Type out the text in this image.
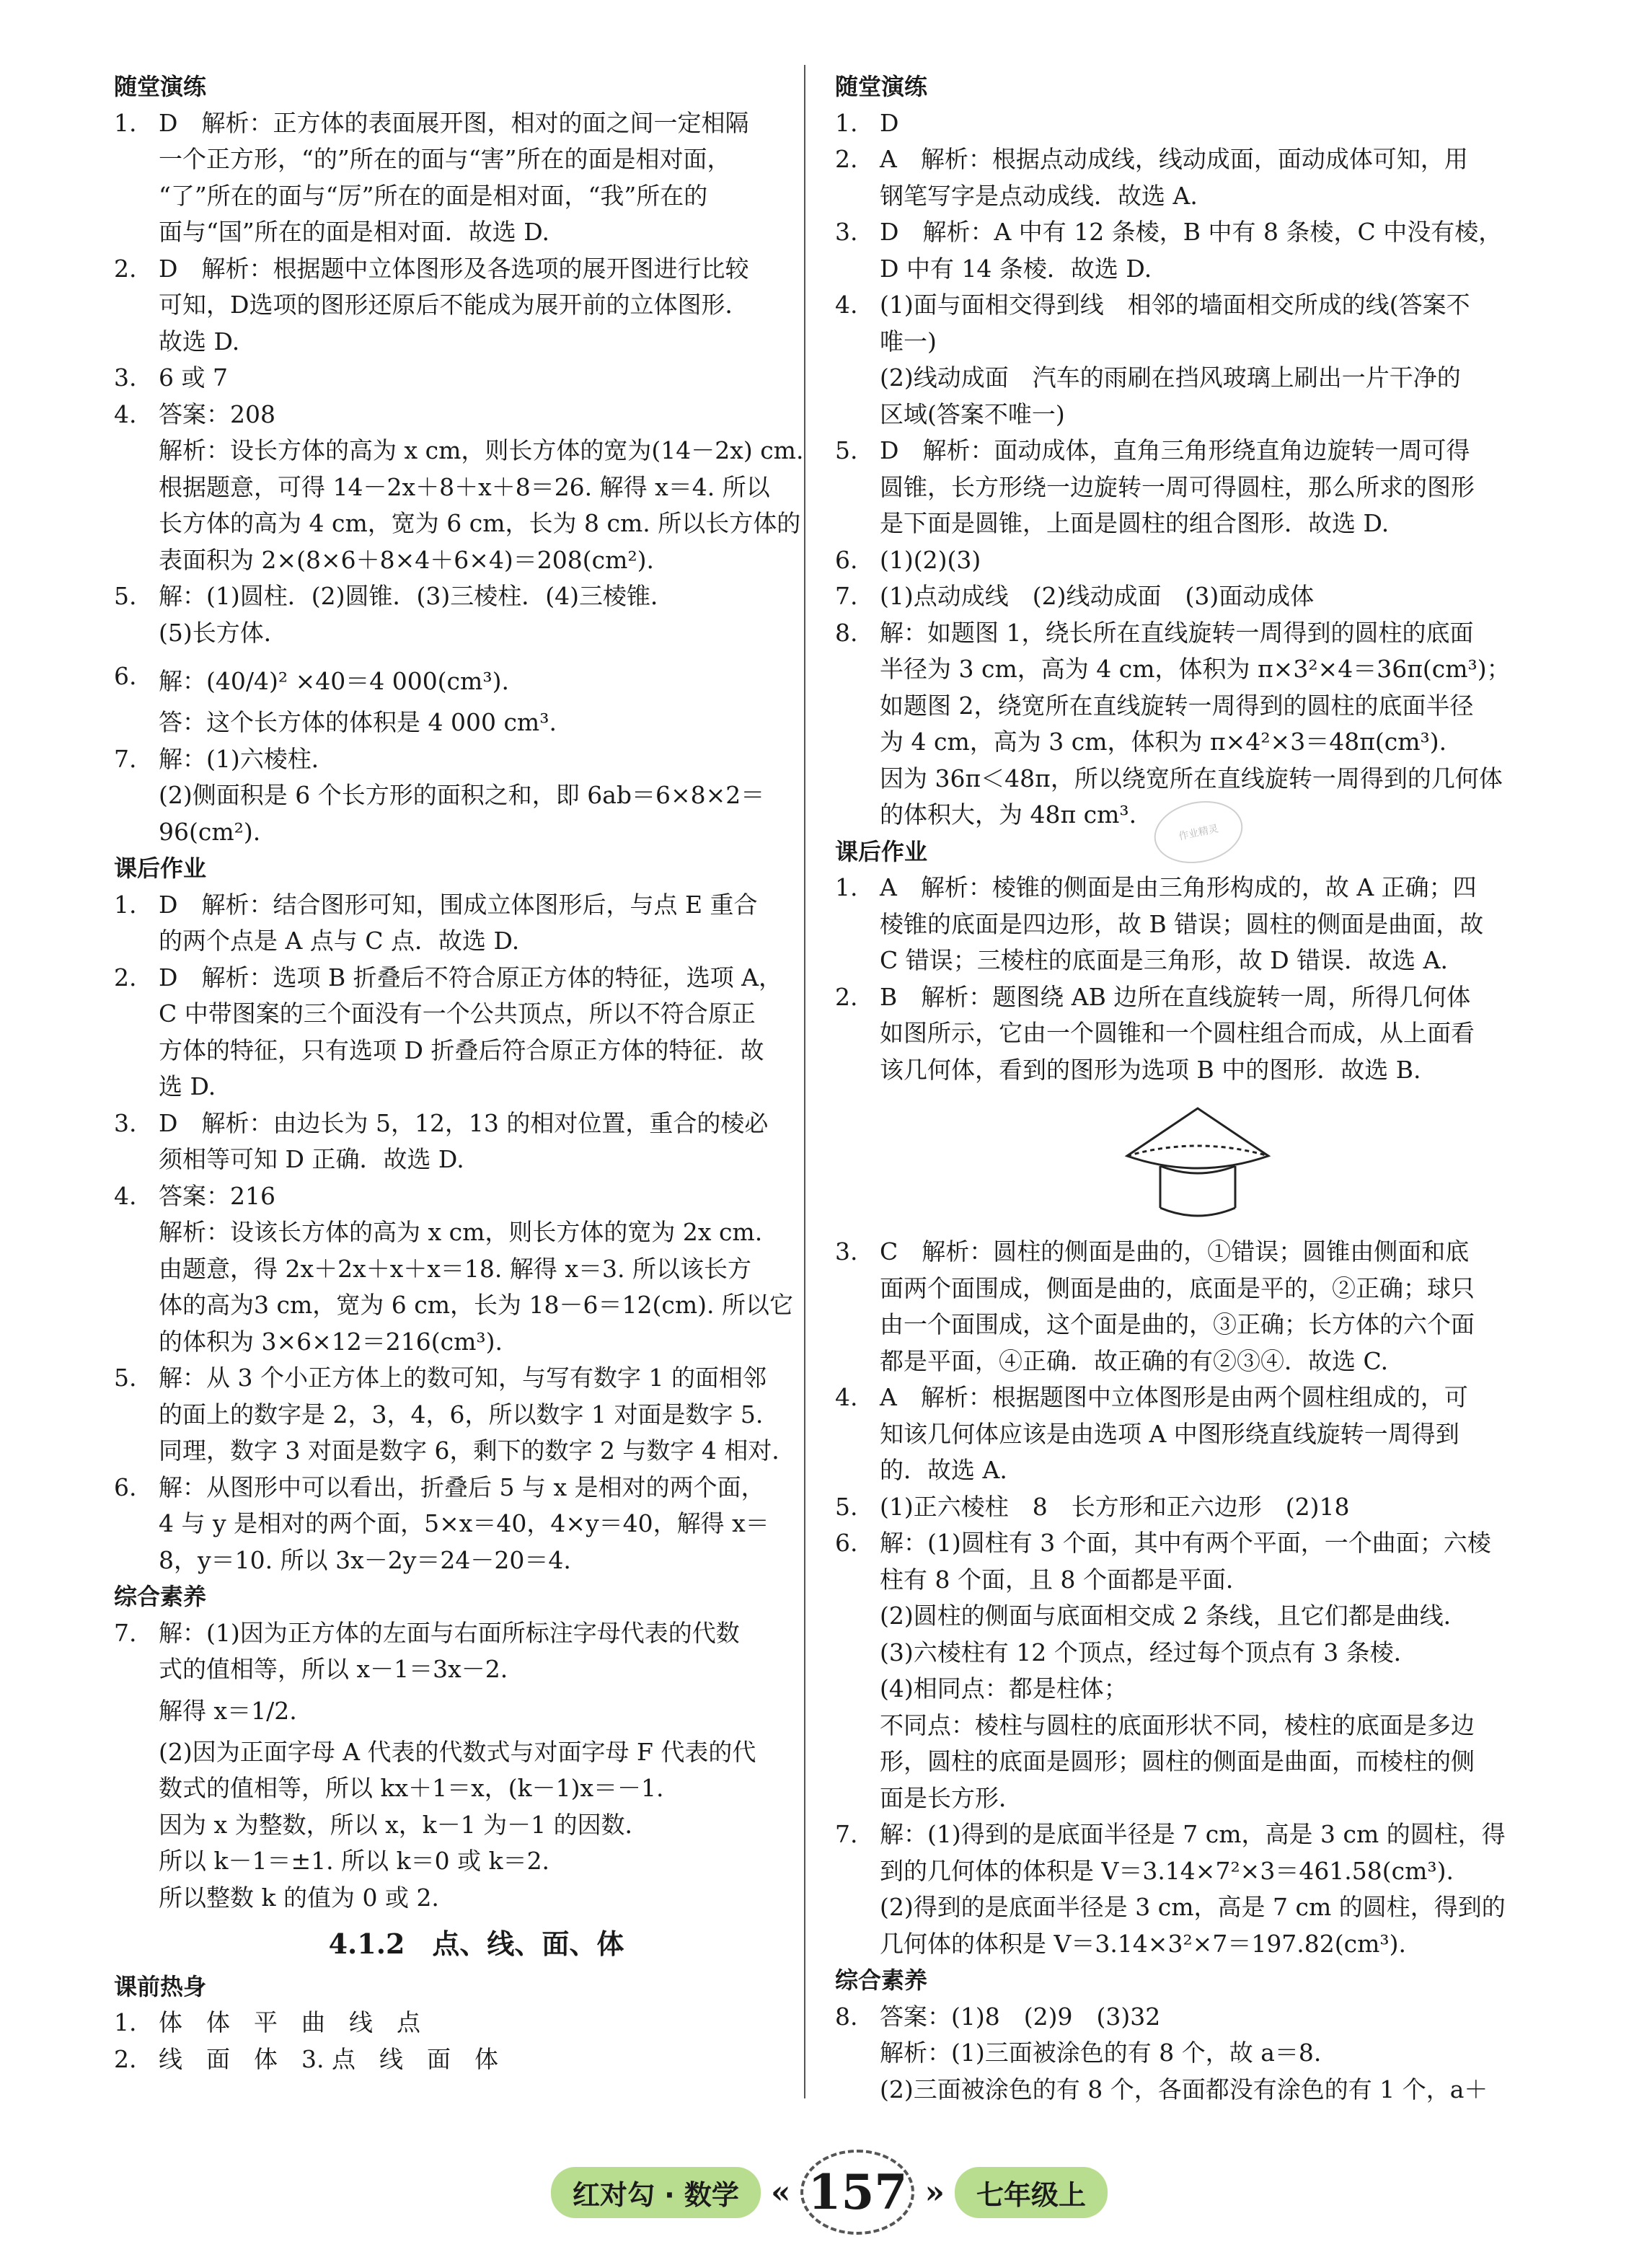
随堂演练

1. D　解析：正方体的表面展开图，相对的面之间一定相隔
一个正方形，“的”所在的面与“害”所在的面是相对面，
“了”所在的面与“厉”所在的面是相对面，“我”所在的
面与“国”所在的面是相对面．故选 D.
2. D　解析：根据题中立体图形及各选项的展开图进行比较
可知，D选项的图形还原后不能成为展开前的立体图形．
故选 D.
3. 6 或 7
4. 答案：208
解析：设长方体的高为 x cm，则长方体的宽为(14－2x) cm.
根据题意，可得 14－2x＋8＋x＋8＝26. 解得 x＝4. 所以
长方体的高为 4 cm，宽为 6 cm，长为 8 cm. 所以长方体的
表面积为 2×(8×6＋8×4＋6×4)＝208(cm²).
5. 解：(1)圆柱．(2)圆锥．(3)三棱柱．(4)三棱锥．
(5)长方体．
6. 解：(40/4)² ×40＝4 000(cm³).
答：这个长方体的体积是 4 000 cm³.
7. 解：(1)六棱柱．
(2)侧面积是 6 个长方形的面积之和，即 6ab＝6×8×2＝
96(cm²).

课后作业

1. D　解析：结合图形可知，围成立体图形后，与点 E 重合
的两个点是 A 点与 C 点．故选 D.
2. D　解析：选项 B 折叠后不符合原正方体的特征，选项 A，
C 中带图案的三个面没有一个公共顶点，所以不符合原正
方体的特征，只有选项 D 折叠后符合原正方体的特征．故
选 D.
3. D　解析：由边长为 5，12，13 的相对位置，重合的棱必
须相等可知 D 正确．故选 D.
4. 答案：216
解析：设该长方体的高为 x cm，则长方体的宽为 2x cm.
由题意，得 2x＋2x＋x＋x＝18. 解得 x＝3. 所以该长方
体的高为3 cm，宽为 6 cm，长为 18－6＝12(cm). 所以它
的体积为 3×6×12＝216(cm³).
5. 解：从 3 个小正方体上的数可知，与写有数字 1 的面相邻
的面上的数字是 2，3，4，6，所以数字 1 对面是数字 5.
同理，数字 3 对面是数字 6，剩下的数字 2 与数字 4 相对．
6. 解：从图形中可以看出，折叠后 5 与 x 是相对的两个面，
4 与 y 是相对的两个面，5×x＝40，4×y＝40，解得 x＝
8，y＝10. 所以 3x－2y＝24－20＝4.

综合素养

7. 解：(1)因为正方体的左面与右面所标注字母代表的代数
式的值相等，所以 x－1＝3x－2.
解得 x＝1/2.
(2)因为正面字母 A 代表的代数式与对面字母 F 代表的代
数式的值相等，所以 kx＋1＝x，(k－1)x＝－1.
因为 x 为整数，所以 x，k－1 为－1 的因数．
所以 k－1＝±1. 所以 k＝0 或 k＝2.
所以整数 k 的值为 0 或 2.
4.1.2　点、线、面、体

课前热身

1. 体　体　平　曲　线　点
2. 线　面　体　3. 点　线　面　体

随堂演练

1. D
2. A　解析：根据点动成线，线动成面，面动成体可知，用
钢笔写字是点动成线．故选 A.
3. D　解析：A 中有 12 条棱，B 中有 8 条棱，C 中没有棱，
D 中有 14 条棱．故选 D.
4. (1)面与面相交得到线　相邻的墙面相交所成的线(答案不
唯一)
(2)线动成面　汽车的雨刷在挡风玻璃上刷出一片干净的
区域(答案不唯一)
5. D　解析：面动成体，直角三角形绕直角边旋转一周可得
圆锥，长方形绕一边旋转一周可得圆柱，那么所求的图形
是下面是圆锥，上面是圆柱的组合图形．故选 D.
6. (1)(2)(3)
7. (1)点动成线　(2)线动成面　(3)面动成体
8. 解：如题图 1，绕长所在直线旋转一周得到的圆柱的底面
半径为 3 cm，高为 4 cm，体积为 π×3²×4＝36π(cm³)；
如题图 2，绕宽所在直线旋转一周得到的圆柱的底面半径
为 4 cm，高为 3 cm，体积为 π×4²×3＝48π(cm³).
因为 36π＜48π，所以绕宽所在直线旋转一周得到的几何体
的体积大，为 48π cm³.

课后作业

1. A　解析：棱锥的侧面是由三角形构成的，故 A 正确；四
棱锥的底面是四边形，故 B 错误；圆柱的侧面是曲面，故
C 错误；三棱柱的底面是三角形，故 D 错误．故选 A.
2. B　解析：题图绕 AB 边所在直线旋转一周，所得几何体
如图所示，它由一个圆锥和一个圆柱组合而成，从上面看
该几何体，看到的图形为选项 B 中的图形．故选 B.
3. C　解析：圆柱的侧面是曲的，①错误；圆锥由侧面和底
面两个面围成，侧面是曲的，底面是平的，②正确；球只
由一个面围成，这个面是曲的，③正确；长方体的六个面
都是平面，④正确．故正确的有②③④．故选 C.
4. A　解析：根据题图中立体图形是由两个圆柱组成的，可
知该几何体应该是由选项 A 中图形绕直线旋转一周得到
的．故选 A.
5. (1)正六棱柱　8　长方形和正六边形　(2)18
6. 解：(1)圆柱有 3 个面，其中有两个平面，一个曲面；六棱
柱有 8 个面，且 8 个面都是平面．
(2)圆柱的侧面与底面相交成 2 条线，且它们都是曲线．
(3)六棱柱有 12 个顶点，经过每个顶点有 3 条棱．
(4)相同点：都是柱体；
不同点：棱柱与圆柱的底面形状不同，棱柱的底面是多边
形，圆柱的底面是圆形；圆柱的侧面是曲面，而棱柱的侧
面是长方形．
7. 解：(1)得到的是底面半径是 7 cm，高是 3 cm 的圆柱，得
到的几何体的体积是 V＝3.14×7²×3＝461.58(cm³).
(2)得到的是底面半径是 3 cm，高是 7 cm 的圆柱，得到的
几何体的体积是 V＝3.14×3²×7＝197.82(cm³).

综合素养

8. 答案：(1)8　(2)9　(3)32
解析：(1)三面被涂色的有 8 个，故 a＝8.
(2)三面被涂色的有 8 个，各面都没有涂色的有 1 个，a＋
作业精灵
红对勾 · 数学	« 157 »	七年级上
